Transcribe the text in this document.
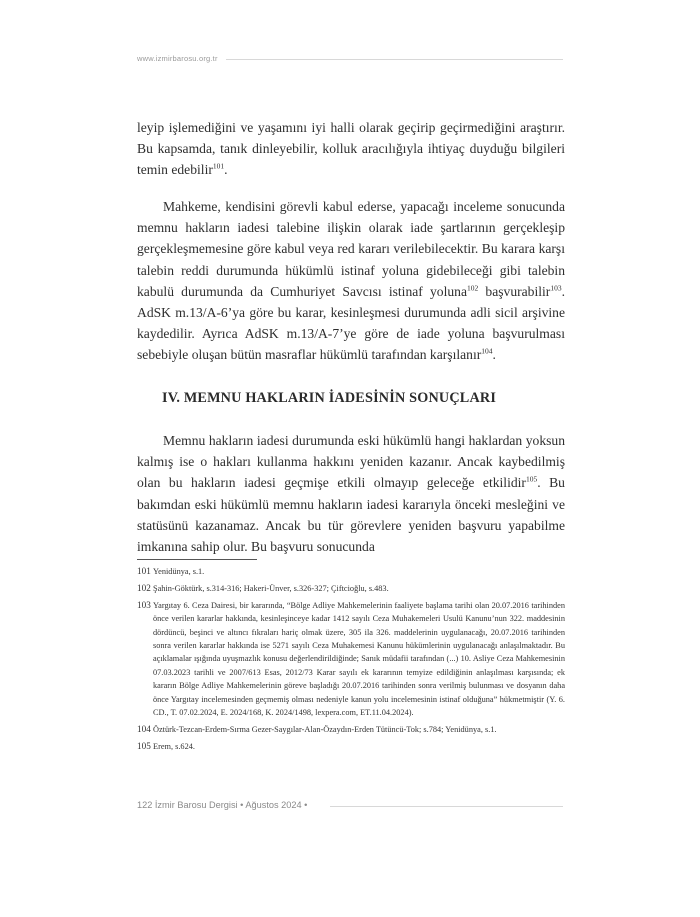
www.izmirbarosu.org.tr

leyip işlemediğini ve yaşamını iyi halli olarak geçirip geçirmediğini araştırır. Bu kapsamda, tanık dinleyebilir, kolluk aracılığıyla ihtiyaç duyduğu bilgileri temin edebilir$^{101}$.

Mahkeme, kendisini görevli kabul ederse, yapacağı inceleme sonucunda memnu hakların iadesi talebine ilişkin olarak iade şartlarının gerçekleşip gerçekleşmemesine göre kabul veya red kararı verilebilecektir. Bu karara karşı talebin reddi durumunda hükümlü istinaf yoluna gidebileceği gibi talebin kabulü durumunda da Cumhuriyet Savcısı istinaf yoluna$^{102}$ başvurabilir$^{103}$. AdSK m.13/A-6’ya göre bu karar, kesinleşmesi durumunda adli sicil arşivine kaydedilir. Ayrıca AdSK m.13/A-7’ye göre de iade yoluna başvurulması sebebiyle oluşan bütün masraflar hükümlü tarafından karşılanır$^{104}$.

IV. MEMNU HAKLARIN İADESİNİN SONUÇLARI

Memnu hakların iadesi durumunda eski hükümlü hangi haklardan yoksun kalmış ise o hakları kullanma hakkını yeniden kazanır. Ancak kaybedilmiş olan bu hakların iadesi geçmişe etkili olmayıp geleceğe etkilidir$^{105}$. Bu bakımdan eski hükümlü memnu hakların iadesi kararıyla önceki mesleğini ve statüsünü kazanamaz. Ancak bu tür görevlere yeniden başvuru yapabilme imkanına sahip olur. Bu başvuru sonucunda

101 Yenidünya, s.1.
102 Şahin-Göktürk, s.314-316; Hakeri-Ünver, s.326-327; Çiftcioğlu, s.483.
103 Yargıtay 6. Ceza Dairesi, bir kararında, “Bölge Adliye Mahkemelerinin faaliyete başlama tarihi olan 20.07.2016 tarihinden önce verilen kararlar hakkında, kesinleşinceye kadar 1412 sayılı Ceza Muhakemeleri Usulü Kanunu’nun 322. maddesinin dördüncü, beşinci ve altıncı fıkraları hariç olmak üzere, 305 ila 326. maddelerinin uygulanacağı, 20.07.2016 tarihinden sonra verilen kararlar hakkında ise 5271 sayılı Ceza Muhakemesi Kanunu hükümlerinin uygulanacağı anlaşılmaktadır. Bu açıklamalar ışığında uyuşmazlık konusu değerlendirildiğinde; Sanık müdafii tarafından (...) 10. Asliye Ceza Mahkemesinin 07.03.2023 tarihli ve 2007/613 Esas, 2012/73 Karar sayılı ek kararının temyize edildiğinin anlaşılması karşısında; ek kararın Bölge Adliye Mahkemelerinin göreve başladığı 20.07.2016 tarihinden sonra verilmiş bulunması ve dosyanın daha önce Yargıtay incelemesinden geçmemiş olması nedeniyle kanun yolu incelemesinin istinaf olduğuna” hükmetmiştir (Y. 6. CD., T. 07.02.2024, E. 2024/168, K. 2024/1498, lexpera.com, ET.11.04.2024).
104 Öztürk-Tezcan-Erdem-Sırma Gezer-Saygılar-Alan-Özaydın-Erden Tütüncü-Tok; s.784; Yenidünya, s.1.
105 Erem, s.624.
122 İzmir Barosu Dergisi • Ağustos 2024 •
